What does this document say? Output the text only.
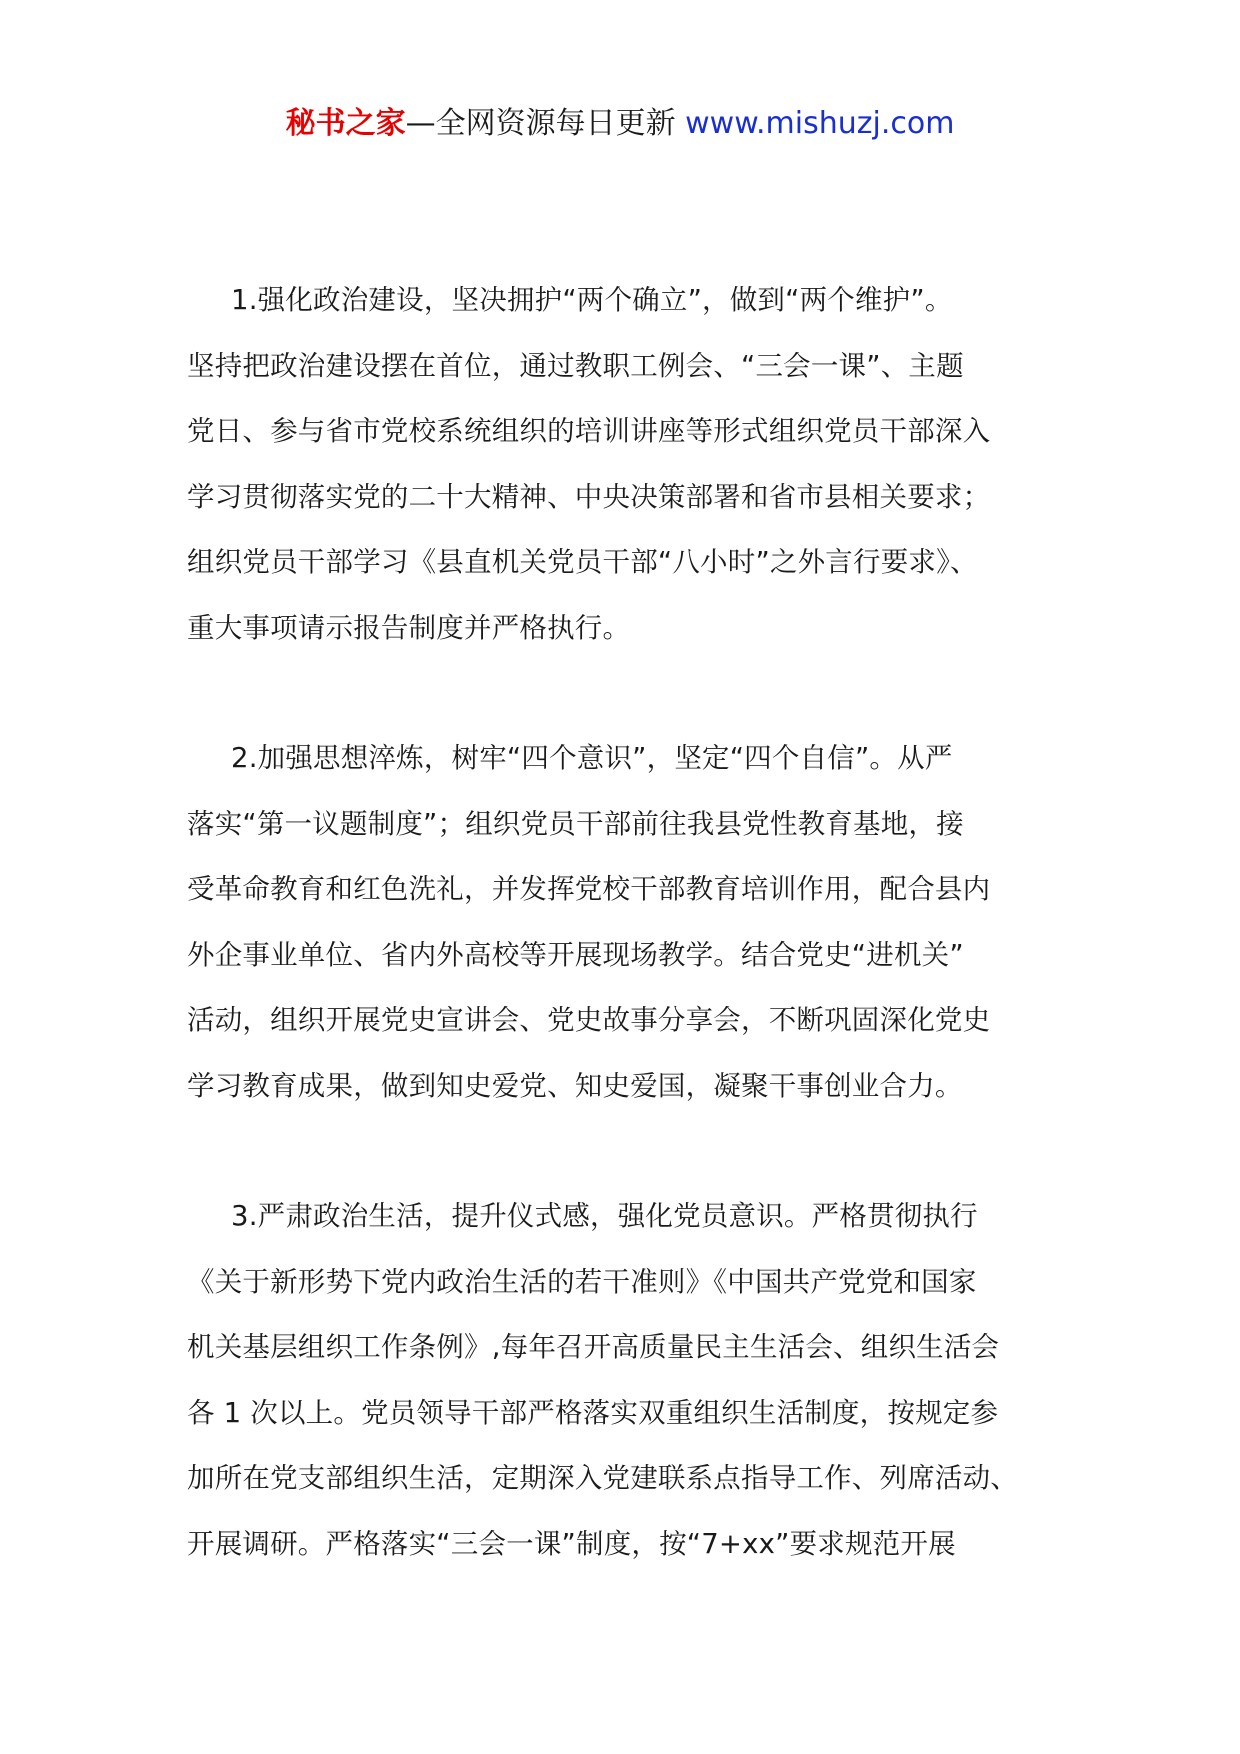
秘书之家—全网资源每日更新 www.mishuzj.com
1.强化政治建设，坚决拥护“两个确立”，做到“两个维护”。
坚持把政治建设摆在首位，通过教职工例会、“三会一课”、主题
党日、参与省市党校系统组织的培训讲座等形式组织党员干部深入
学习贯彻落实党的二十大精神、中央决策部署和省市县相关要求；
组织党员干部学习《县直机关党员干部“八小时”之外言行要求》、
重大事项请示报告制度并严格执行。
2.加强思想淬炼，树牢“四个意识”，坚定“四个自信”。从严
落实“第一议题制度”；组织党员干部前往我县党性教育基地，接
受革命教育和红色洗礼，并发挥党校干部教育培训作用，配合县内
外企事业单位、省内外高校等开展现场教学。结合党史“进机关”
活动，组织开展党史宣讲会、党史故事分享会，不断巩固深化党史
学习教育成果，做到知史爱党、知史爱国，凝聚干事创业合力。
3.严肃政治生活，提升仪式感，强化党员意识。严格贯彻执行
《关于新形势下党内政治生活的若干准则》《中国共产党党和国家
机关基层组织工作条例》,每年召开高质量民主生活会、组织生活会
各 1 次以上。党员领导干部严格落实双重组织生活制度，按规定参
加所在党支部组织生活，定期深入党建联系点指导工作、列席活动、
开展调研。严格落实“三会一课”制度，按“7+xx”要求规范开展
